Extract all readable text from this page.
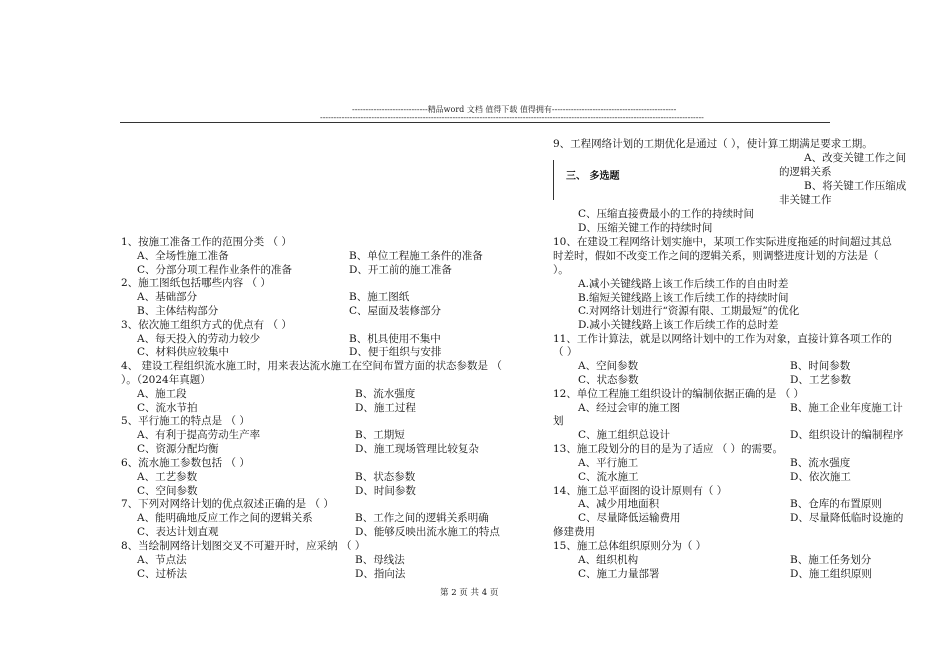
----------------------------精品word 文档 值得下载 值得拥有----------------------------------------------
----------------------------------------------------------------------------------------------------------------------------------------------
1、按施工准备工作的范围分类 （ ）
A、全场性施工准备	B、单位工程施工条件的准备
C、分部分项工程作业条件的准备	D、开工前的施工准备
2、施工图纸包括哪些内容 （ ）
A、基础部分	B、施工图纸
B、主体结构部分	C、屋面及装修部分
3、依次施工组织方式的优点有 （ ）
A、每天投入的劳动力较少	B、机具使用不集中
C、材料供应较集中	D、便于组织与安排
4、 建设工程组织流水施工时，用来表达流水施工在空间布置方面的状态参数是 （
）。（2024年真题）
A、施工段	B、流水强度
C、流水节拍	D、施工过程
5、平行施工的特点是 （ ）
A、有利于提高劳动生产率	B、工期短
C、资源分配均衡	D、施工现场管理比较复杂
6、流水施工参数包括 （ ）
A、工艺参数	B、状态参数
C、空间参数	D、时间参数
7、下列对网络计划的优点叙述正确的是 （ ）
A、能明确地反应工作之间的逻辑关系	B、工作之间的逻辑关系明确
C、表达计划直观	D、能够反映出流水施工的特点
8、当绘制网络计划图交叉不可避开时，应采纳 （ ）
A、节点法	B、母线法
C、过桥法	D、指向法
9、工程网络计划的工期优化是通过（ ），使计算工期满足要求工期。
A、改变关键工作之间
的逻辑关系
三、 多选题
B、将关键工作压缩成
非关键工作
C、压缩直接费最小的工作的持续时间
D、压缩关键工作的持续时间
10、在建设工程网络计划实施中，某项工作实际进度拖延的时间超过其总
时差时，假如不改变工作之间的逻辑关系，则调整进度计划的方法是（
）。
A.减小关键线路上该工作后续工作的自由时差
B.缩短关键线路上该工作后续工作的持续时间
C.对网络计划进行“资源有限、工期最短”的优化
D.减小关键线路上该工作后续工作的总时差
11、工作计算法，就是以网络计划中的工作为对象，直接计算各项工作的
（ ）
A、空间参数	B、时间参数
C、状态参数	D、工艺参数
12、单位工程施工组织设计的编制依据正确的是 （ ）
A、经过会审的施工图	B、施工企业年度施工计
划
C、施工组织总设计	D、组织设计的编制程序
13、施工段划分的目的是为了适应 （ ）的需要。
A、平行施工	B、流水强度
C、流水施工	D、依次施工
14、施工总平面图的设计原则有（ ）
A、减少用地面积	B、仓库的布置原则
C、尽量降低运输费用	D、尽量降低临时设施的
修建费用
15、施工总体组织原则分为（ ）
A、组织机构	B、施工任务划分
C、施工力量部署	D、施工组织原则
第 2 页 共 4 页
